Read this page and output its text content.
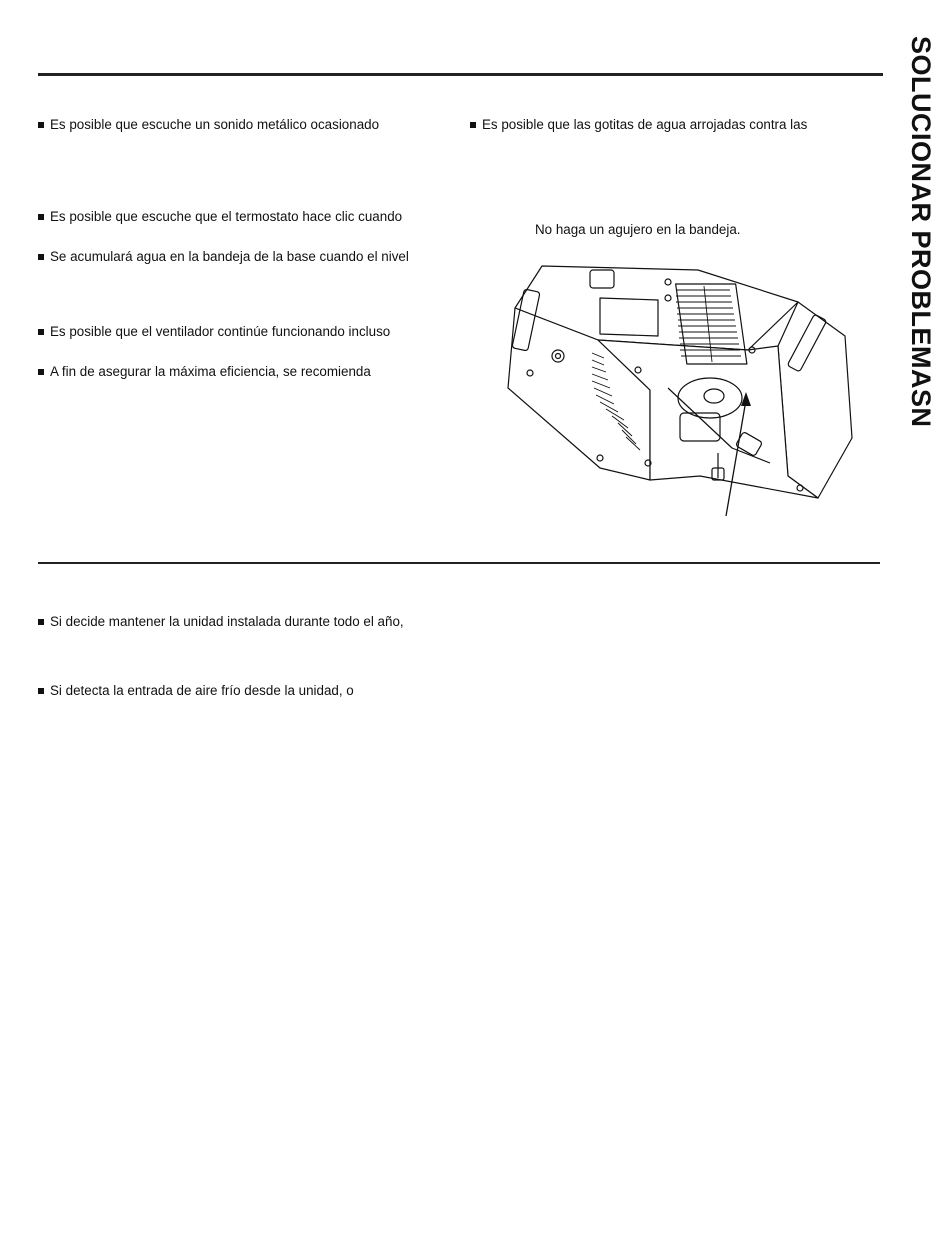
SOLUCIONAR PROBLEMASN
Es posible que escuche un sonido metálico ocasionado
Es posible que escuche que el termostato hace clic cuando
Se acumulará agua en la bandeja de la base cuando el nivel
Es posible que el ventilador continúe funcionando incluso
A fin de asegurar la máxima eficiencia, se recomienda
Es posible que las gotitas de agua arrojadas contra las
No haga un agujero en la bandeja.
Si decide mantener la unidad instalada durante todo el año,
Si detecta la entrada de aire frío desde la unidad, o
